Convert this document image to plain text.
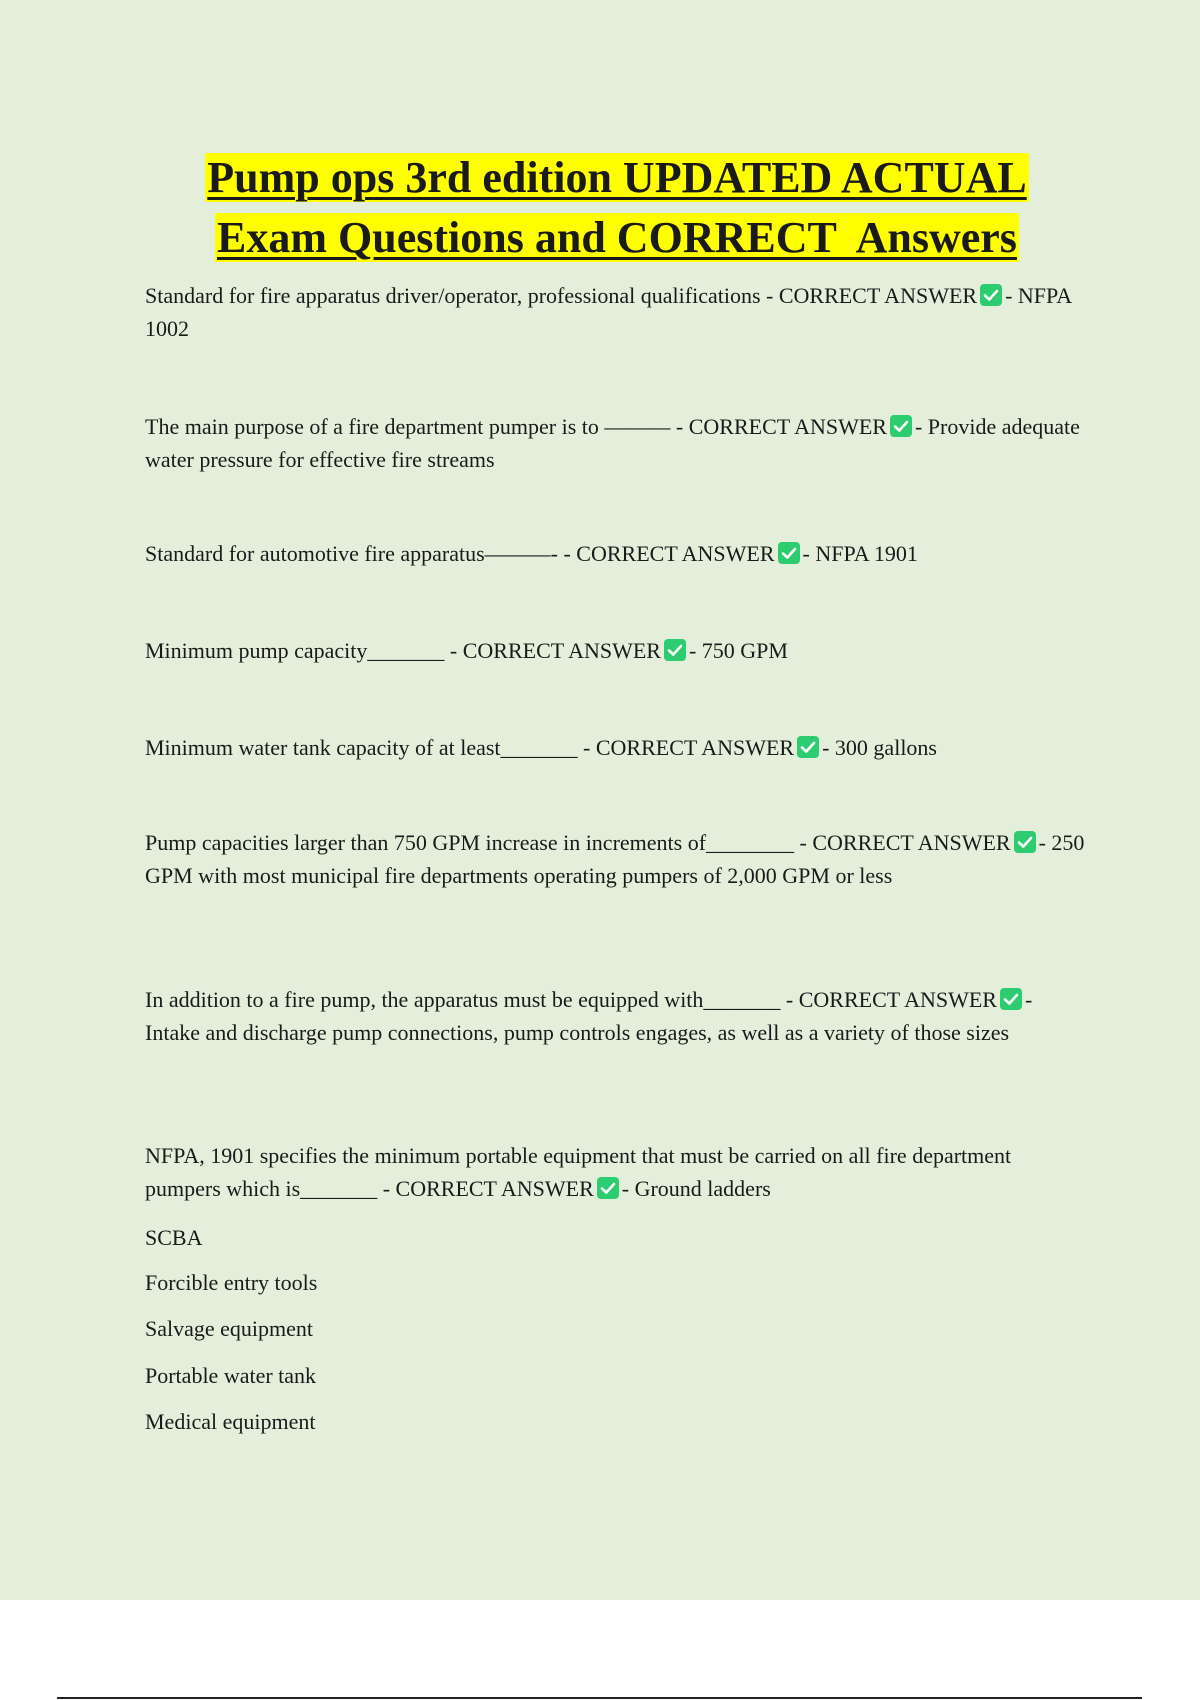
Pump ops 3rd edition UPDATED ACTUAL
Exam Questions and CORRECT  Answers

Standard for fire apparatus driver/operator, professional qualifications - CORRECT ANSWER - NFPA 1002

The main purpose of a fire department pumper is to ——— - CORRECT ANSWER - Provide adequate water pressure for effective fire streams

Standard for automotive fire apparatus———- - CORRECT ANSWER - NFPA 1901

Minimum pump capacity_______ - CORRECT ANSWER - 750 GPM

Minimum water tank capacity of at least_______ - CORRECT ANSWER - 300 gallons

Pump capacities larger than 750 GPM increase in increments of________ - CORRECT ANSWER - 250 GPM with most municipal fire departments operating pumpers of 2,000 GPM or less

In addition to a fire pump, the apparatus must be equipped with_______ - CORRECT ANSWER - Intake and discharge pump connections, pump controls engages, as well as a variety of those sizes

NFPA, 1901 specifies the minimum portable equipment that must be carried on all fire department pumpers which is_______ - CORRECT ANSWER - Ground ladders

SCBA

Forcible entry tools

Salvage equipment

Portable water tank

Medical equipment
